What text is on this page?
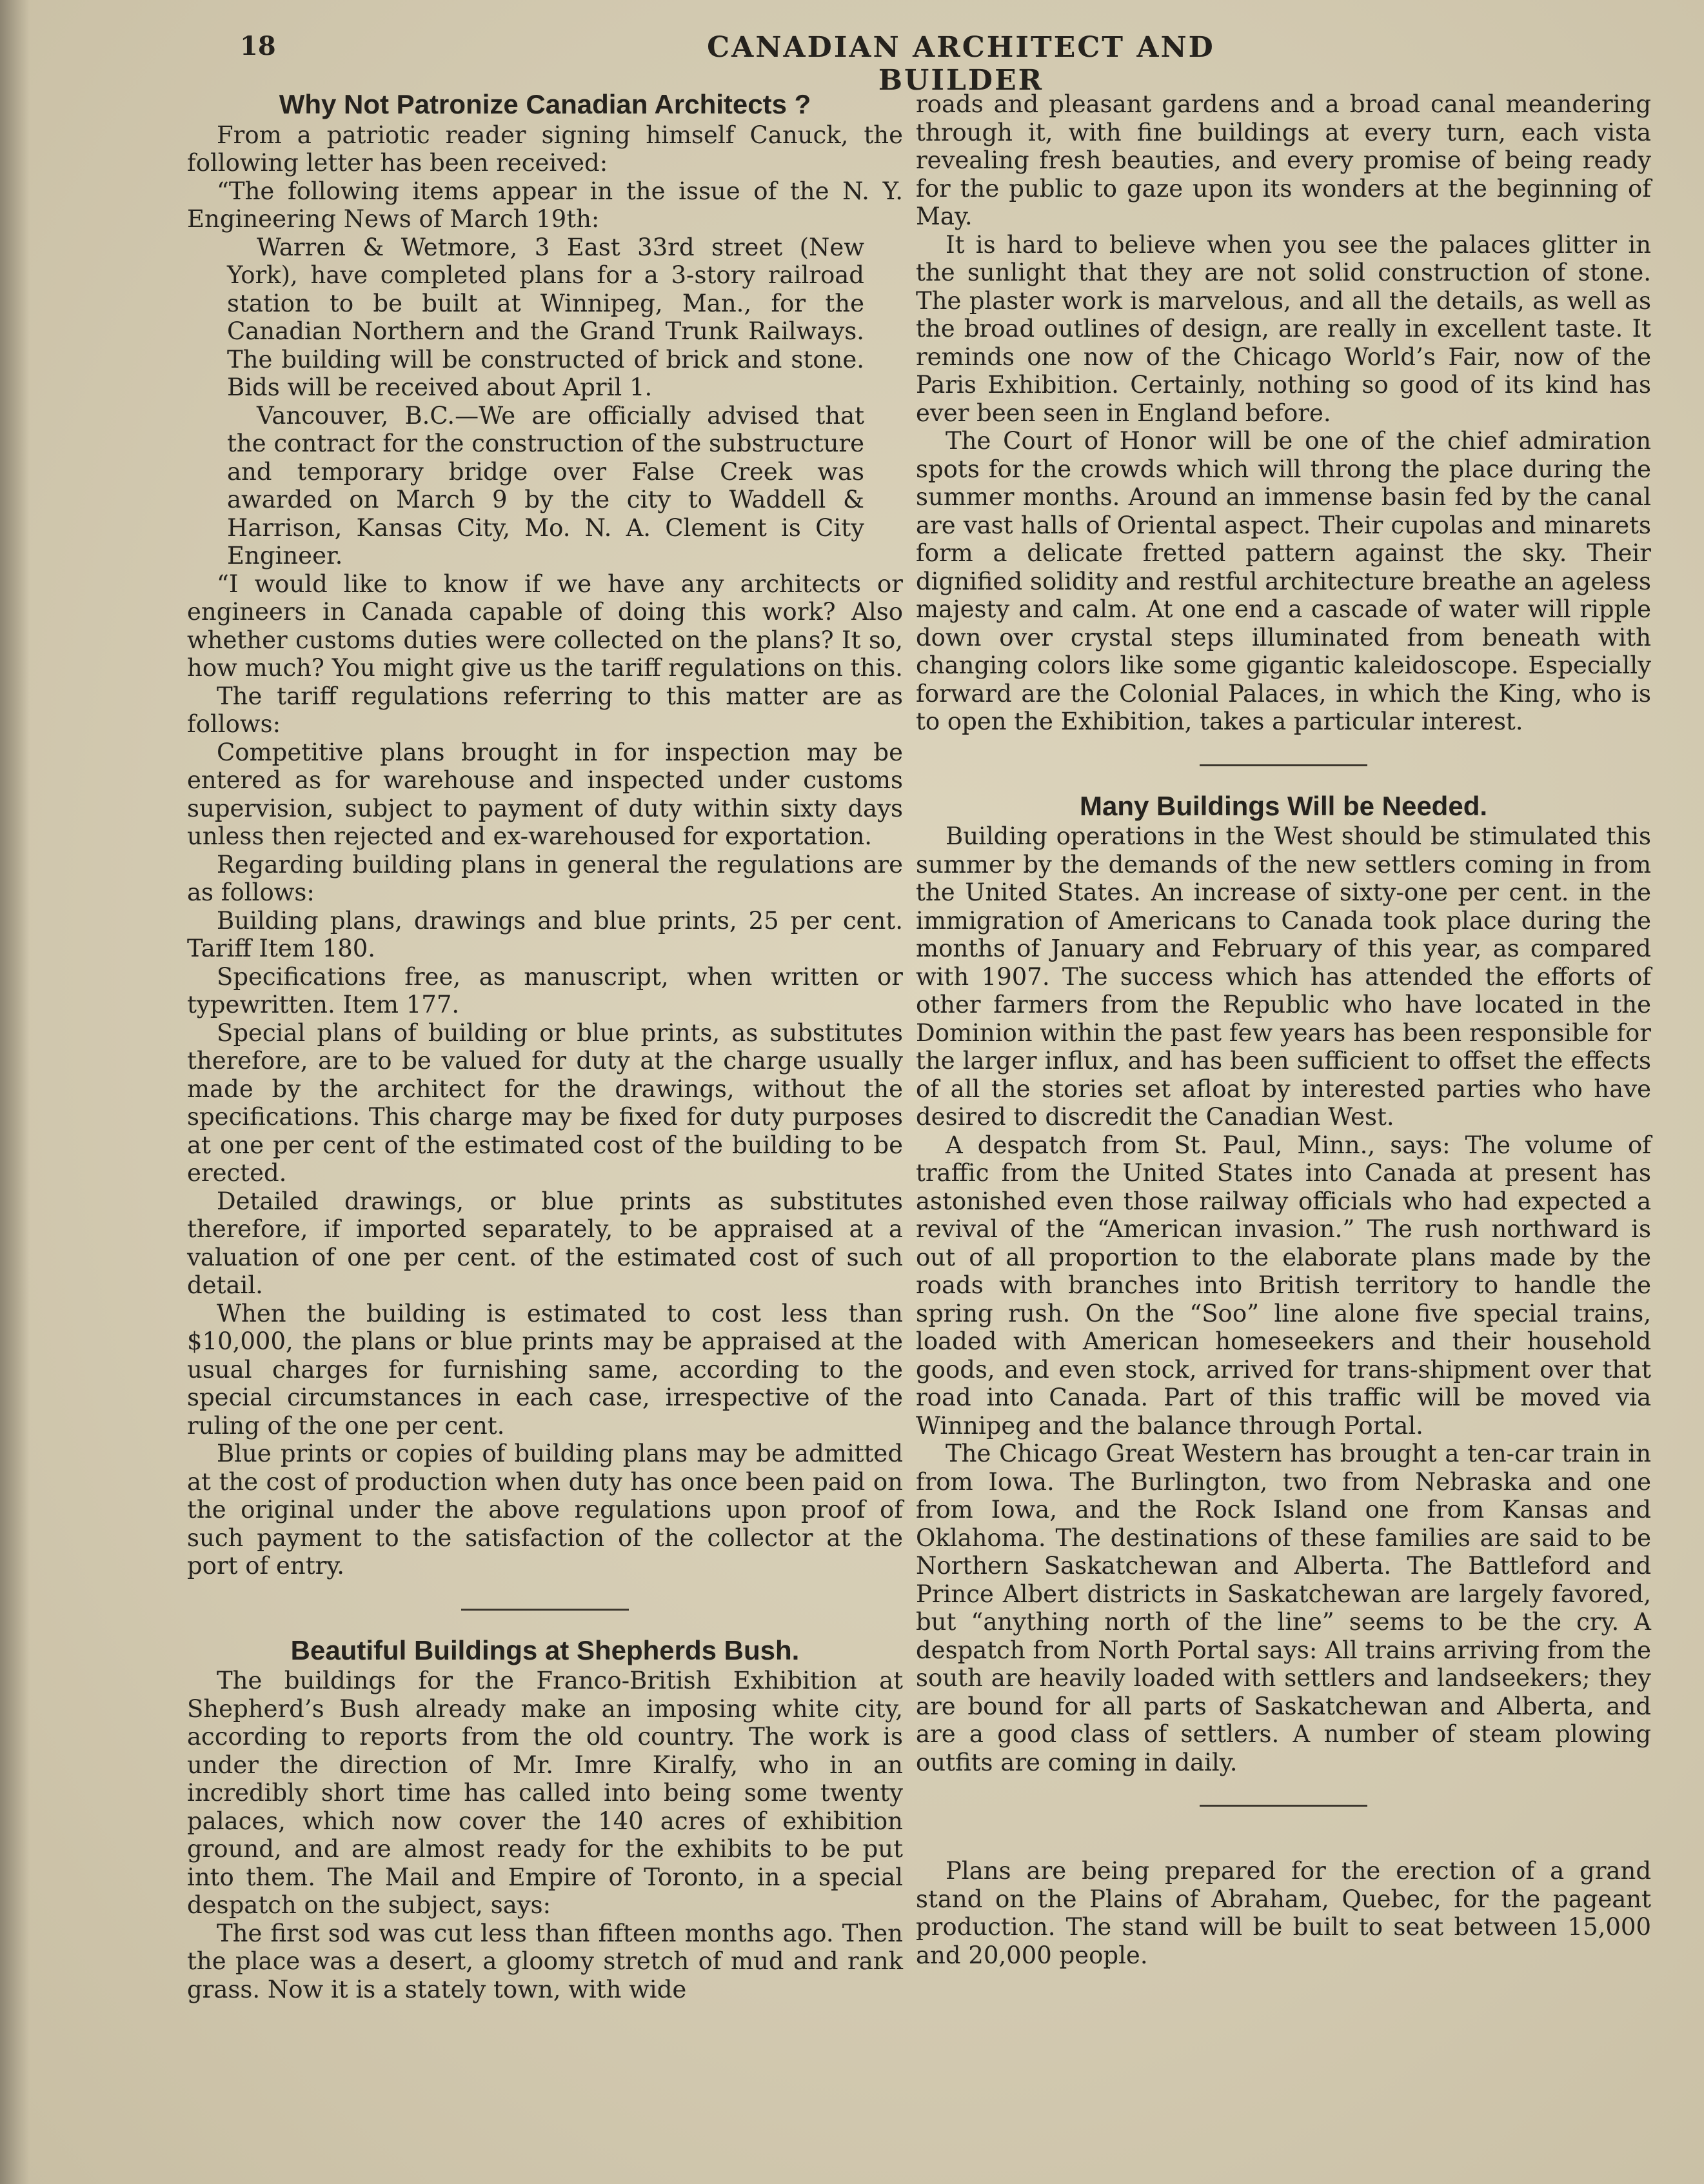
18	CANADIAN ARCHITECT AND BUILDER
Why Not Patronize Canadian Architects ?

From a patriotic reader signing himself Canuck, the following letter has been received:

“The following items appear in the issue of the N. Y. Engineering News of March 19th:

Warren & Wetmore, 3 East 33rd street (New York), have completed plans for a 3-story railroad station to be built at Winnipeg, Man., for the Canadian Northern and the Grand Trunk Railways. The building will be constructed of brick and stone. Bids will be received about April 1.

Vancouver, B.C.—We are officially advised that the contract for the construction of the substructure and temporary bridge over False Creek was awarded on March 9 by the city to Waddell & Harrison, Kansas City, Mo. N. A. Clement is City Engineer.

“I would like to know if we have any architects or engineers in Canada capable of doing this work? Also whether customs duties were collected on the plans? It so, how much? You might give us the tariff regulations on this.

The tariff regulations referring to this matter are as follows:

Competitive plans brought in for inspection may be entered as for warehouse and inspected under customs supervision, subject to payment of duty within sixty days unless then rejected and ex-warehoused for exportation.

Regarding building plans in general the regulations are as follows:

Building plans, drawings and blue prints, 25 per cent. Tariff Item 180.

Specifications free, as manuscript, when written or typewritten. Item 177.

Special plans of building or blue prints, as substitutes therefore, are to be valued for duty at the charge usually made by the architect for the drawings, without the specifications. This charge may be fixed for duty purposes at one per cent of the estimated cost of the building to be erected.

Detailed drawings, or blue prints as substitutes therefore, if imported separately, to be appraised at a valuation of one per cent. of the estimated cost of such detail.

When the building is estimated to cost less than $10,000, the plans or blue prints may be appraised at the usual charges for furnishing same, according to the special circumstances in each case, irrespective of the ruling of the one per cent.

Blue prints or copies of building plans may be admitted at the cost of production when duty has once been paid on the original under the above regulations upon proof of such payment to the satisfaction of the collector at the port of entry.

Beautiful Buildings at Shepherds Bush.

The buildings for the Franco-British Exhibition at Shepherd’s Bush already make an imposing white city, according to reports from the old country. The work is under the direction of Mr. Imre Kiralfy, who in an incredibly short time has called into being some twenty palaces, which now cover the 140 acres of exhibition ground, and are almost ready for the exhibits to be put into them. The Mail and Empire of Toronto, in a special despatch on the subject, says:

The first sod was cut less than fifteen months ago. Then the place was a desert, a gloomy stretch of mud and rank grass. Now it is a stately town, with wide

roads and pleasant gardens and a broad canal meandering through it, with fine buildings at every turn, each vista revealing fresh beauties, and every promise of being ready for the public to gaze upon its wonders at the beginning of May.

It is hard to believe when you see the palaces glitter in the sunlight that they are not solid construction of stone. The plaster work is marvelous, and all the details, as well as the broad outlines of design, are really in excellent taste. It reminds one now of the Chicago World’s Fair, now of the Paris Exhibition. Certainly, nothing so good of its kind has ever been seen in England before.

The Court of Honor will be one of the chief admiration spots for the crowds which will throng the place during the summer months. Around an immense basin fed by the canal are vast halls of Oriental aspect. Their cupolas and minarets form a delicate fretted pattern against the sky. Their dignified solidity and restful architecture breathe an ageless majesty and calm. At one end a cascade of water will ripple down over crystal steps illuminated from beneath with changing colors like some gigantic kaleidoscope. Especially forward are the Colonial Palaces, in which the King, who is to open the Exhibition, takes a particular interest.

Many Buildings Will be Needed.

Building operations in the West should be stimulated this summer by the demands of the new settlers coming in from the United States. An increase of sixty-one per cent. in the immigration of Americans to Canada took place during the months of January and February of this year, as compared with 1907. The success which has attended the efforts of other farmers from the Republic who have located in the Dominion within the past few years has been responsible for the larger influx, and has been sufficient to offset the effects of all the stories set afloat by interested parties who have desired to discredit the Canadian West.

A despatch from St. Paul, Minn., says: The volume of traffic from the United States into Canada at present has astonished even those railway officials who had expected a revival of the “American invasion.” The rush northward is out of all proportion to the elaborate plans made by the roads with branches into British territory to handle the spring rush. On the “Soo” line alone five special trains, loaded with American homeseekers and their household goods, and even stock, arrived for trans-shipment over that road into Canada. Part of this traffic will be moved via Winnipeg and the balance through Portal.

The Chicago Great Western has brought a ten-car train in from Iowa. The Burlington, two from Nebraska and one from Iowa, and the Rock Island one from Kansas and Oklahoma. The destinations of these families are said to be Northern Saskatchewan and Alberta. The Battleford and Prince Albert districts in Saskatchewan are largely favored, but “anything north of the line” seems to be the cry. A despatch from North Portal says: All trains arriving from the south are heavily loaded with settlers and landseekers; they are bound for all parts of Saskatchewan and Alberta, and are a good class of settlers. A number of steam plowing outfits are coming in daily.

Plans are being prepared for the erection of a grand stand on the Plains of Abraham, Quebec, for the pageant production. The stand will be built to seat between 15,000 and 20,000 people.
